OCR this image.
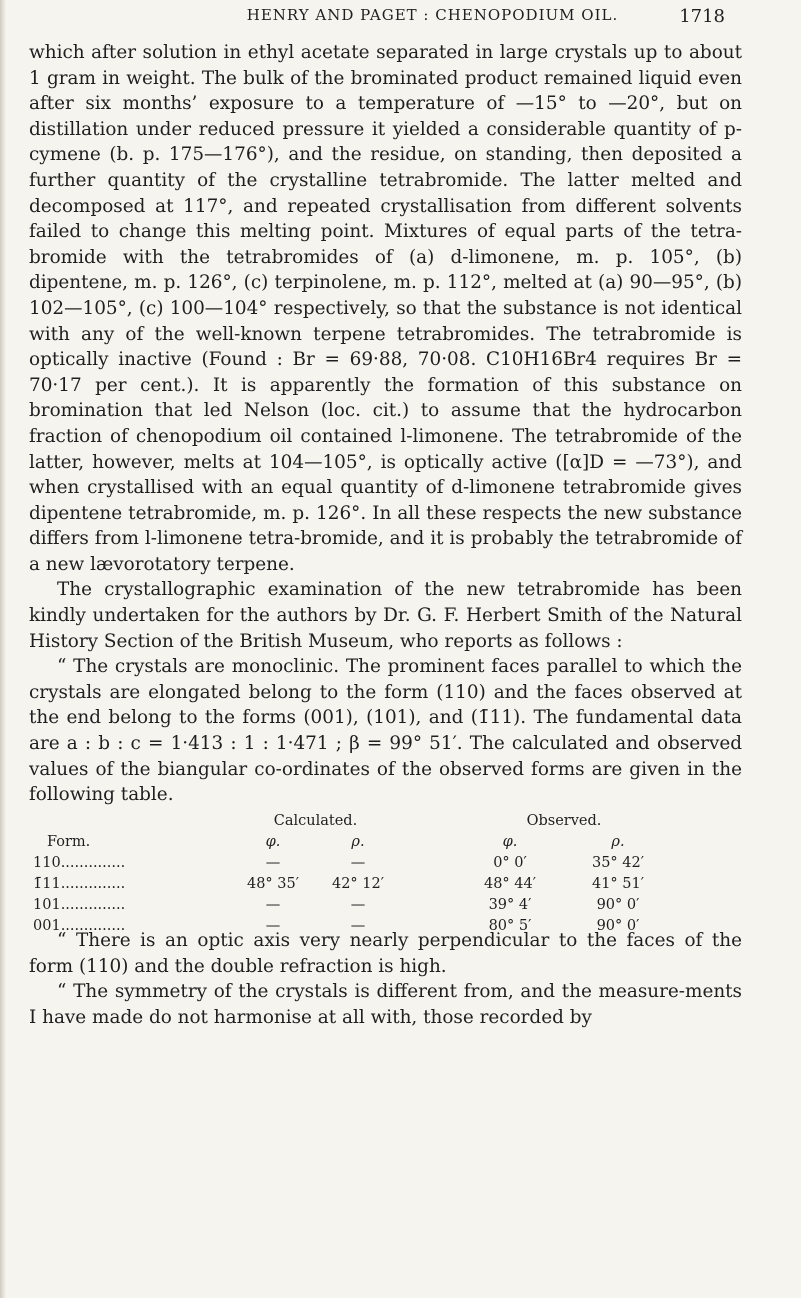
HENRY AND PAGET : CHENOPODIUM OIL.	1718

which after solution in ethyl acetate separated in large crystals up to about 1 gram in weight. The bulk of the brominated product remained liquid even after six months’ exposure to a temperature of —15° to —20°, but on distillation under reduced pressure it yielded a considerable quantity of p-cymene (b. p. 175—176°), and the residue, on standing, then deposited a further quantity of the crystalline tetrabromide. The latter melted and decomposed at 117°, and repeated crystallisation from different solvents failed to change this melting point. Mixtures of equal parts of the tetra-bromide with the tetrabromides of (a) d-limonene, m. p. 105°, (b) dipentene, m. p. 126°, (c) terpinolene, m. p. 112°, melted at (a) 90—95°, (b) 102—105°, (c) 100—104° respectively, so that the substance is not identical with any of the well-known terpene tetrabromides. The tetrabromide is optically inactive (Found : Br = 69·88, 70·08. C10H16Br4 requires Br = 70·17 per cent.). It is apparently the formation of this substance on bromination that led Nelson (loc. cit.) to assume that the hydrocarbon fraction of chenopodium oil contained l-limonene. The tetrabromide of the latter, however, melts at 104—105°, is optically active ([α]D = —73°), and when crystallised with an equal quantity of d-limonene tetrabromide gives dipentene tetrabromide, m. p. 126°. In all these respects the new substance differs from l-limonene tetra-bromide, and it is probably the tetrabromide of a new lævorotatory terpene.

The crystallographic examination of the new tetrabromide has been kindly undertaken for the authors by Dr. G. F. Herbert Smith of the Natural History Section of the British Museum, who reports as follows :

“ The crystals are monoclinic. The prominent faces parallel to which the crystals are elongated belong to the form (110) and the faces observed at the end belong to the forms (001), (101), and (1̄11). The fundamental data are a : b : c = 1·413 : 1 : 1·471 ; β = 99° 51′. The calculated and observed values of the biangular co-ordinates of the observed forms are given in the following table.

Calculated.	Observed.
Form.	φ.	ρ.	φ.	ρ.
110..............	—	—	0° 0′	35° 42′
1̄11..............	48° 35′ 42° 12′	48° 44′	41° 51′
101..............	—	—	39° 4′	90° 0′
001..............	—	—	80° 5′	90° 0′

“ There is an optic axis very nearly perpendicular to the faces of the form (110) and the double refraction is high.

“ The symmetry of the crystals is different from, and the measure-ments I have made do not harmonise at all with, those recorded by
